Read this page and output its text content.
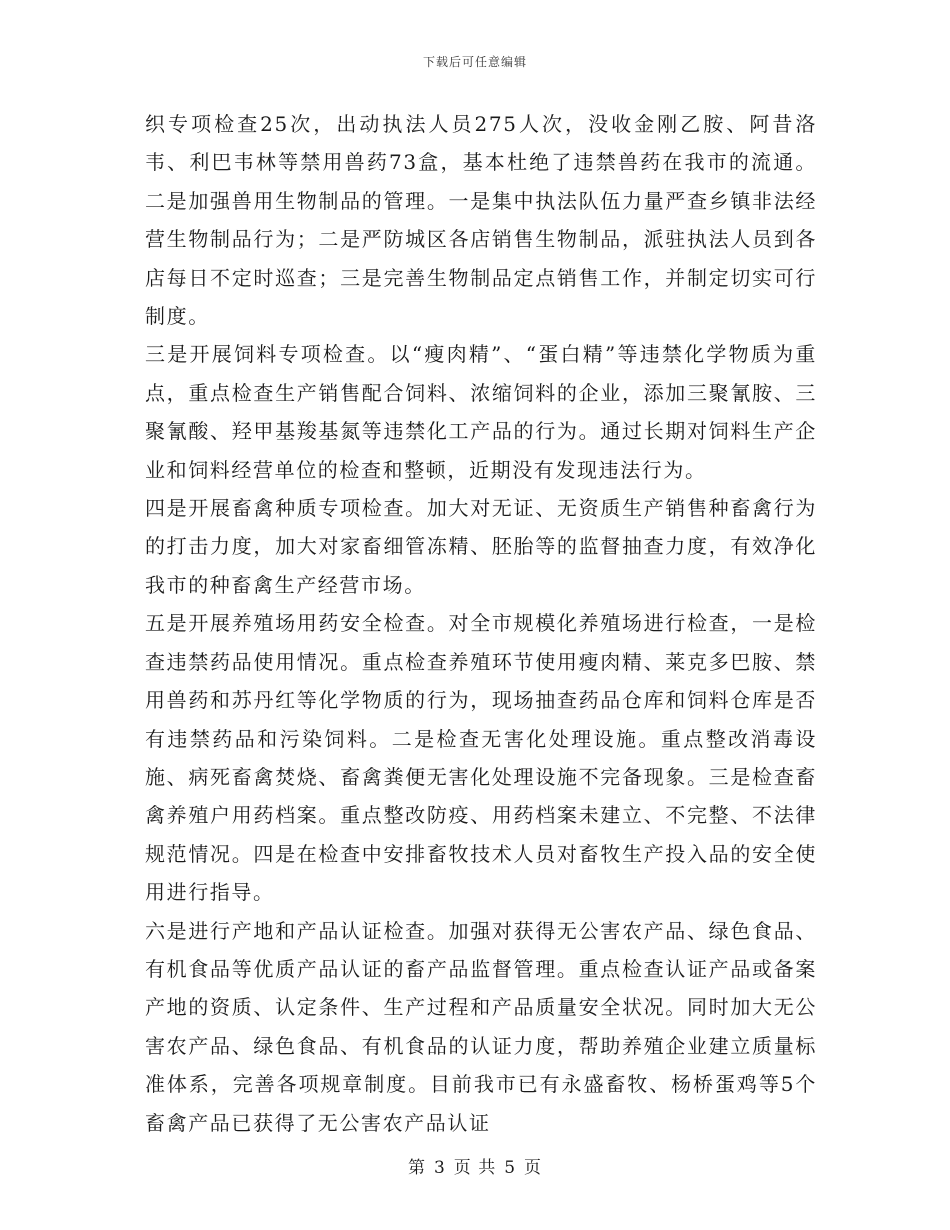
下载后可任意编辑

织专项检查25次，出动执法人员275人次，没收金刚乙胺、阿昔洛韦、利巴韦林等禁用兽药73盒，基本杜绝了违禁兽药在我市的流通。二是加强兽用生物制品的管理。一是集中执法队伍力量严查乡镇非法经营生物制品行为；二是严防城区各店销售生物制品，派驻执法人员到各店每日不定时巡查；三是完善生物制品定点销售工作，并制定切实可行制度。

三是开展饲料专项检查。以“瘦肉精”、“蛋白精”等违禁化学物质为重点，重点检查生产销售配合饲料、浓缩饲料的企业，添加三聚氰胺、三聚氰酸、羟甲基羧基氮等违禁化工产品的行为。通过长期对饲料生产企业和饲料经营单位的检查和整顿，近期没有发现违法行为。

四是开展畜禽种质专项检查。加大对无证、无资质生产销售种畜禽行为的打击力度，加大对家畜细管冻精、胚胎等的监督抽查力度，有效净化我市的种畜禽生产经营市场。

五是开展养殖场用药安全检查。对全市规模化养殖场进行检查，一是检查违禁药品使用情况。重点检查养殖环节使用瘦肉精、莱克多巴胺、禁用兽药和苏丹红等化学物质的行为，现场抽查药品仓库和饲料仓库是否有违禁药品和污染饲料。二是检查无害化处理设施。重点整改消毒设施、病死畜禽焚烧、畜禽粪便无害化处理设施不完备现象。三是检查畜禽养殖户用药档案。重点整改防疫、用药档案未建立、不完整、不法律规范情况。四是在检查中安排畜牧技术人员对畜牧生产投入品的安全使用进行指导。

六是进行产地和产品认证检查。加强对获得无公害农产品、绿色食品、有机食品等优质产品认证的畜产品监督管理。重点检查认证产品或备案产地的资质、认定条件、生产过程和产品质量安全状况。同时加大无公害农产品、绿色食品、有机食品的认证力度，帮助养殖企业建立质量标准体系，完善各项规章制度。目前我市已有永盛畜牧、杨桥蛋鸡等5个畜禽产品已获得了无公害农产品认证

第 3 页 共 5 页
